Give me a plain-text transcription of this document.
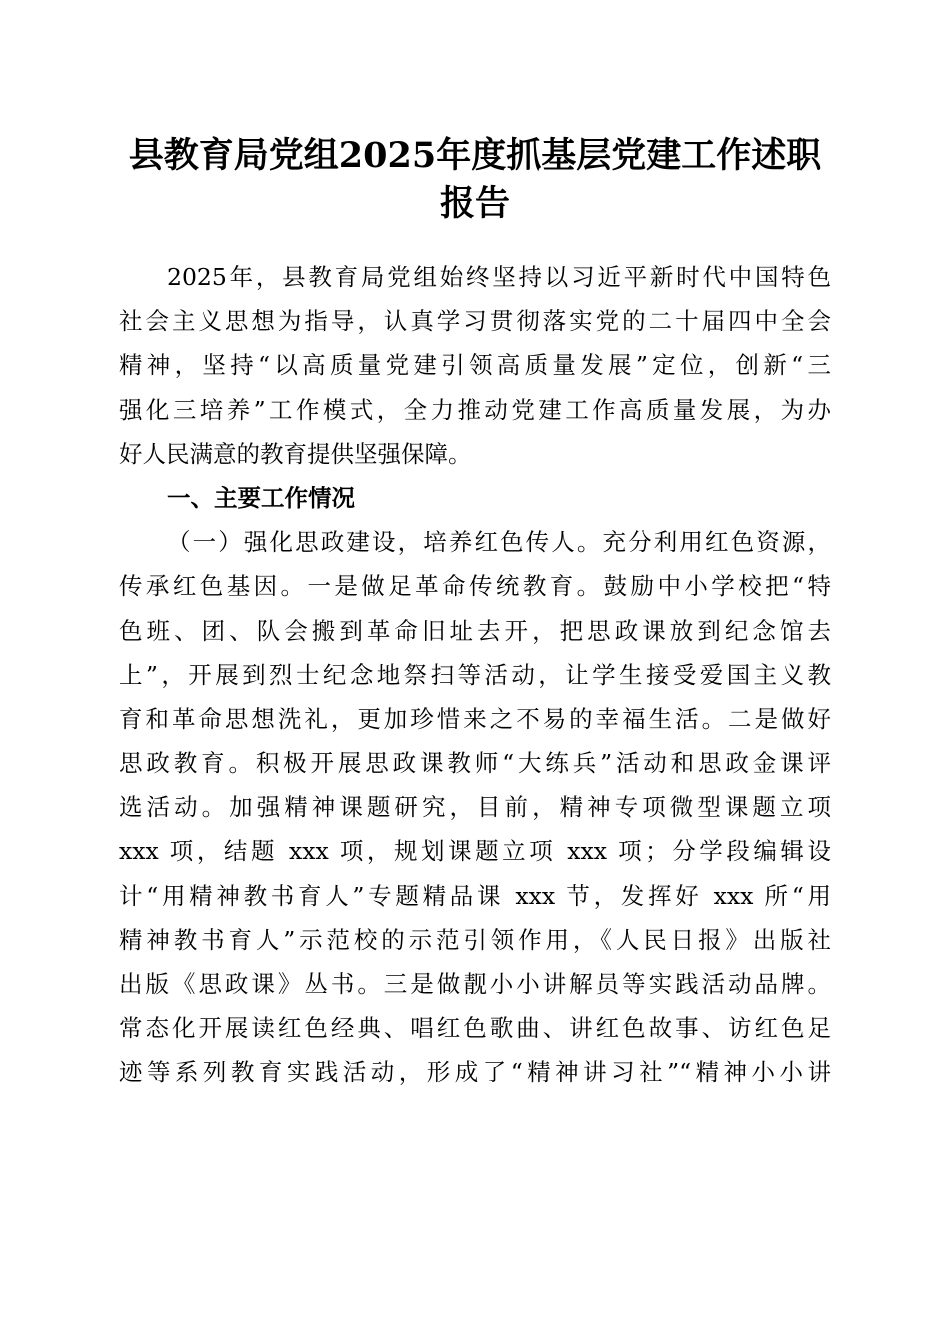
县教育局党组2025年度抓基层党建工作述职
报告
2025年，县教育局党组始终坚持以习近平新时代中国特色
社会主义思想为指导，认真学习贯彻落实党的二十届四中全会
精神，坚持“以高质量党建引领高质量发展”定位，创新“三
强化三培养”工作模式，全力推动党建工作高质量发展，为办
好人民满意的教育提供坚强保障。
一、主要工作情况
（一）强化思政建设，培养红色传人。充分利用红色资源，
传承红色基因。一是做足革命传统教育。鼓励中小学校把“特
色班、团、队会搬到革命旧址去开，把思政课放到纪念馆去
上”，开展到烈士纪念地祭扫等活动，让学生接受爱国主义教
育和革命思想洗礼，更加珍惜来之不易的幸福生活。二是做好
思政教育。积极开展思政课教师“大练兵”活动和思政金课评
选活动。加强精神课题研究，目前，精神专项微型课题立项
xxx 项，结题 xxx 项，规划课题立项 xxx 项；分学段编辑设
计“用精神教书育人”专题精品课 xxx 节，发挥好 xxx 所“用
精神教书育人”示范校的示范引领作用，《人民日报》出版社
出版《思政课》丛书。三是做靓小小讲解员等实践活动品牌。
常态化开展读红色经典、唱红色歌曲、讲红色故事、访红色足
迹等系列教育实践活动，形成了“精神讲习社”“精神小小讲
